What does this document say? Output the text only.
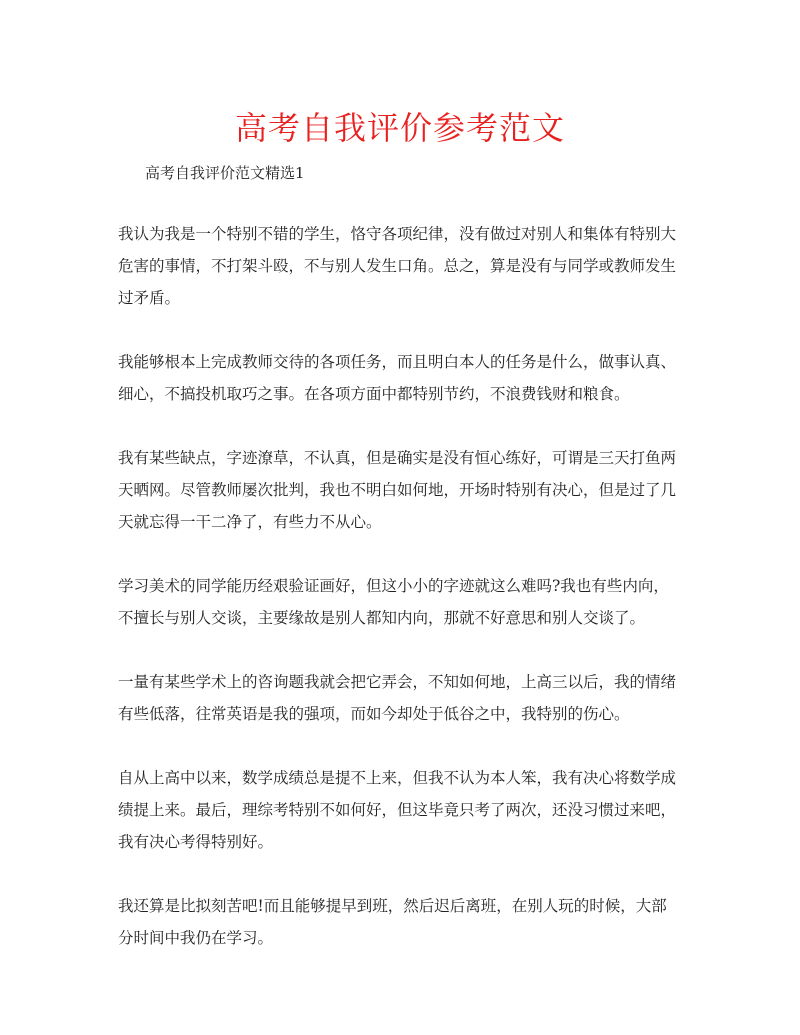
高考自我评价参考范文

高考自我评价范文精选1

我认为我是一个特别不错的学生，恪守各项纪律，没有做过对别人和集体有特别大
危害的事情，不打架斗殴，不与别人发生口角。总之，算是没有与同学或教师发生
过矛盾。

我能够根本上完成教师交待的各项任务，而且明白本人的任务是什么，做事认真、
细心，不搞投机取巧之事。在各项方面中都特别节约，不浪费钱财和粮食。

我有某些缺点，字迹潦草，不认真，但是确实是没有恒心练好，可谓是三天打鱼两
天晒网。尽管教师屡次批判，我也不明白如何地，开场时特别有决心，但是过了几
天就忘得一干二净了，有些力不从心。

学习美术的同学能历经艰验证画好，但这小小的字迹就这么难吗?我也有些内向，
不擅长与别人交谈，主要缘故是别人都知内向，那就不好意思和别人交谈了。

一量有某些学术上的咨询题我就会把它弄会，不知如何地，上高三以后，我的情绪
有些低落，往常英语是我的强项，而如今却处于低谷之中，我特别的伤心。

自从上高中以来，数学成绩总是提不上来，但我不认为本人笨，我有决心将数学成
绩提上来。最后，理综考特别不如何好，但这毕竟只考了两次，还没习惯过来吧，
我有决心考得特别好。

我还算是比拟刻苦吧!而且能够提早到班，然后迟后离班，在别人玩的时候，大部
分时间中我仍在学习。
